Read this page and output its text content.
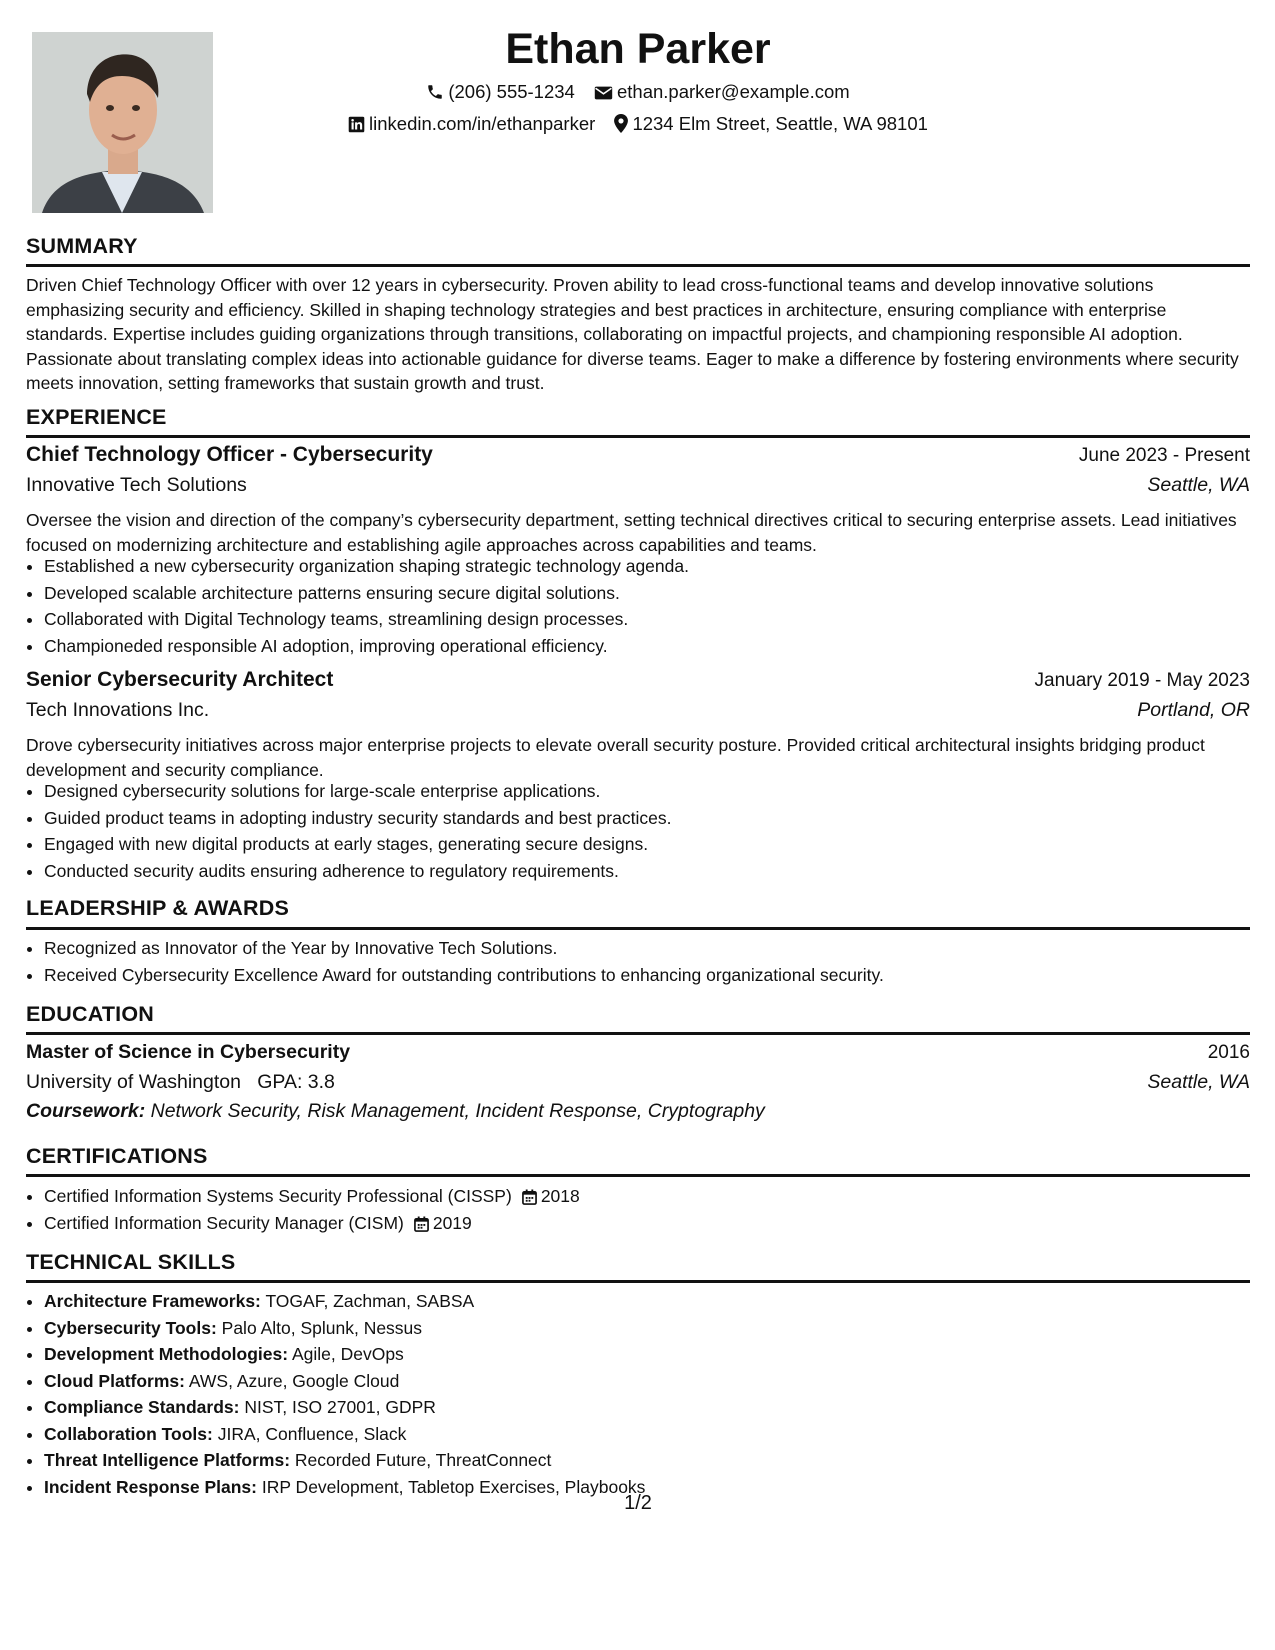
Ethan Parker
(206) 555-1234 ethan.parker@example.com
linkedin.com/in/ethanparker 1234 Elm Street, Seattle, WA 98101
SUMMARY
Driven Chief Technology Officer with over 12 years in cybersecurity. Proven ability to lead cross-functional teams and develop innovative solutions emphasizing security and efficiency. Skilled in shaping technology strategies and best practices in architecture, ensuring compliance with enterprise standards. Expertise includes guiding organizations through transitions, collaborating on impactful projects, and championing responsible AI adoption. Passionate about translating complex ideas into actionable guidance for diverse teams. Eager to make a difference by fostering environments where security meets innovation, setting frameworks that sustain growth and trust.
EXPERIENCE
Chief Technology Officer - Cybersecurity	June 2023 - Present
Innovative Tech Solutions	Seattle, WA
Oversee the vision and direction of the company’s cybersecurity department, setting technical directives critical to securing enterprise assets. Lead initiatives focused on modernizing architecture and establishing agile approaches across capabilities and teams.
• Established a new cybersecurity organization shaping strategic technology agenda.
• Developed scalable architecture patterns ensuring secure digital solutions.
• Collaborated with Digital Technology teams, streamlining design processes.
• Championeded responsible AI adoption, improving operational efficiency.
Senior Cybersecurity Architect	January 2019 - May 2023
Tech Innovations Inc.	Portland, OR
Drove cybersecurity initiatives across major enterprise projects to elevate overall security posture. Provided critical architectural insights bridging product development and security compliance.
• Designed cybersecurity solutions for large-scale enterprise applications.
• Guided product teams in adopting industry security standards and best practices.
• Engaged with new digital products at early stages, generating secure designs.
• Conducted security audits ensuring adherence to regulatory requirements.
LEADERSHIP & AWARDS
• Recognized as Innovator of the Year by Innovative Tech Solutions.
• Received Cybersecurity Excellence Award for outstanding contributions to enhancing organizational security.
EDUCATION
Master of Science in Cybersecurity	2016
University of Washington GPA: 3.8	Seattle, WA
Coursework: Network Security, Risk Management, Incident Response, Cryptography
CERTIFICATIONS
• Certified Information Systems Security Professional (CISSP) 2018
• Certified Information Security Manager (CISM) 2019
TECHNICAL SKILLS
• Architecture Frameworks: TOGAF, Zachman, SABSA
• Cybersecurity Tools: Palo Alto, Splunk, Nessus
• Development Methodologies: Agile, DevOps
• Cloud Platforms: AWS, Azure, Google Cloud
• Compliance Standards: NIST, ISO 27001, GDPR
• Collaboration Tools: JIRA, Confluence, Slack
• Threat Intelligence Platforms: Recorded Future, ThreatConnect
• Incident Response Plans: IRP Development, Tabletop Exercises, Playbooks
1/2
